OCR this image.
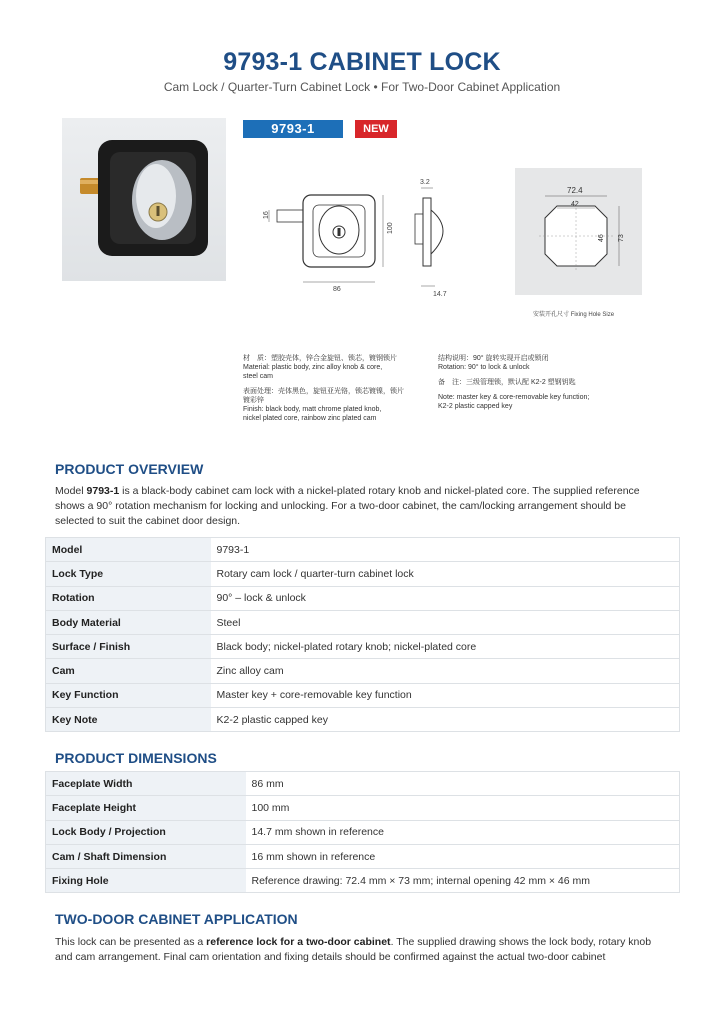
9793-1 CABINET LOCK
Cam Lock / Quarter-Turn Cabinet Lock • For Two-Door Cabinet Application
9793-1	NEW
16
100
86
3.2
14.7
72.4
42
46 73
安装开孔尺寸 Fixing Hole Size
材　质：塑胶壳体，锌合金旋钮、锁芯，镀钢锁片
Material: plastic body, zinc alloy knob & core,
steel cam
表面处理：壳体黑色，旋钮亚光铬，锁芯镀镍，锁片
镀彩锌
Finish: black body, matt chrome plated knob,
nickel plated core, rainbow zinc plated cam
结构说明：90° 旋转实现开启或锁闭
Rotation: 90° to lock & unlock
备　注：三级管理锁，默认配 K2-2 塑钢钥匙
Note: master key & core-removable key function;
K2-2 plastic capped key
PRODUCT OVERVIEW
Model 9793-1 is a black-body cabinet cam lock with a nickel-plated rotary knob and nickel-plated core. The supplied reference shows a 90° rotation mechanism for locking and unlocking. For a two-door cabinet, the cam/locking arrangement should be selected to suit the cabinet door design.
Model	9793-1
Lock Type	Rotary cam lock / quarter-turn cabinet lock
Rotation	90° – lock & unlock
Body Material	Steel
Surface / Finish	Black body; nickel-plated rotary knob; nickel-plated core
Cam	Zinc alloy cam
Key Function	Master key + core-removable key function
Key Note	K2-2 plastic capped key
PRODUCT DIMENSIONS
Faceplate Width	86 mm
Faceplate Height	100 mm
Lock Body / Projection	14.7 mm shown in reference
Cam / Shaft Dimension	16 mm shown in reference
Fixing Hole	Reference drawing: 72.4 mm × 73 mm; internal opening 42 mm × 46 mm
TWO-DOOR CABINET APPLICATION
This lock can be presented as a reference lock for a two-door cabinet. The supplied drawing shows the lock body, rotary knob and cam arrangement. Final cam orientation and fixing details should be confirmed against the actual two-door cabinet
